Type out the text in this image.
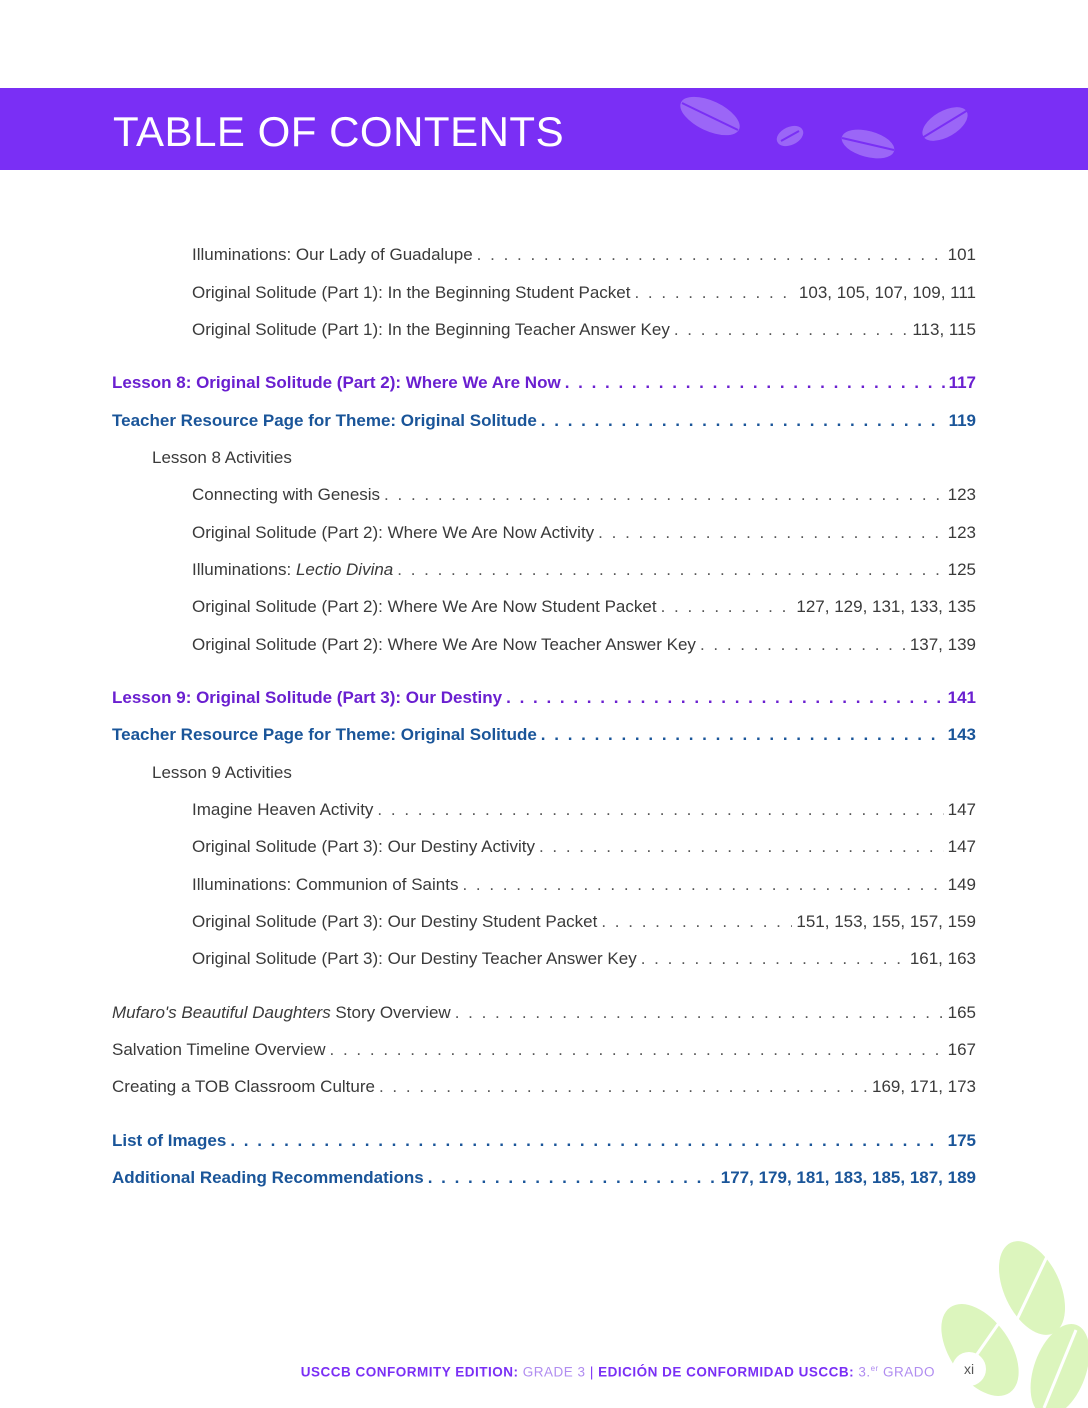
TABLE OF CONTENTS
Illuminations: Our Lady of Guadalupe . . .	101
Original Solitude (Part 1): In the Beginning Student Packet . . .	103, 105, 107, 109, 111
Original Solitude (Part 1): In the Beginning Teacher Answer Key . . .	113, 115
Lesson 8: Original Solitude (Part 2): Where We Are Now . . .	117
Teacher Resource Page for Theme: Original Solitude . . .	119
Lesson 8 Activities
Connecting with Genesis . . .	123
Original Solitude (Part 2): Where We Are Now Activity . . .	123
Illuminations: Lectio Divina . . .	125
Original Solitude (Part 2): Where We Are Now Student Packet . . .	127, 129, 131, 133, 135
Original Solitude (Part 2): Where We Are Now Teacher Answer Key . . .	137, 139
Lesson 9: Original Solitude (Part 3): Our Destiny . . .	141
Teacher Resource Page for Theme: Original Solitude . . .	143
Lesson 9 Activities
Imagine Heaven Activity . . .	147
Original Solitude (Part 3): Our Destiny Activity . . .	147
Illuminations: Communion of Saints . . .	149
Original Solitude (Part 3): Our Destiny Student Packet . . .	151, 153, 155, 157, 159
Original Solitude (Part 3): Our Destiny Teacher Answer Key . . .	161, 163
Mufaro's Beautiful Daughters Story Overview . . .	165
Salvation Timeline Overview . . .	167
Creating a TOB Classroom Culture . . .	169, 171, 173
List of Images . . .	175
Additional Reading Recommendations . . .	177, 179, 181, 183, 185, 187, 189
USCCB CONFORMITY EDITION: GRADE 3 | EDICIÓN DE CONFORMIDAD USCCB: 3.$^{er}$ GRADO	xi
